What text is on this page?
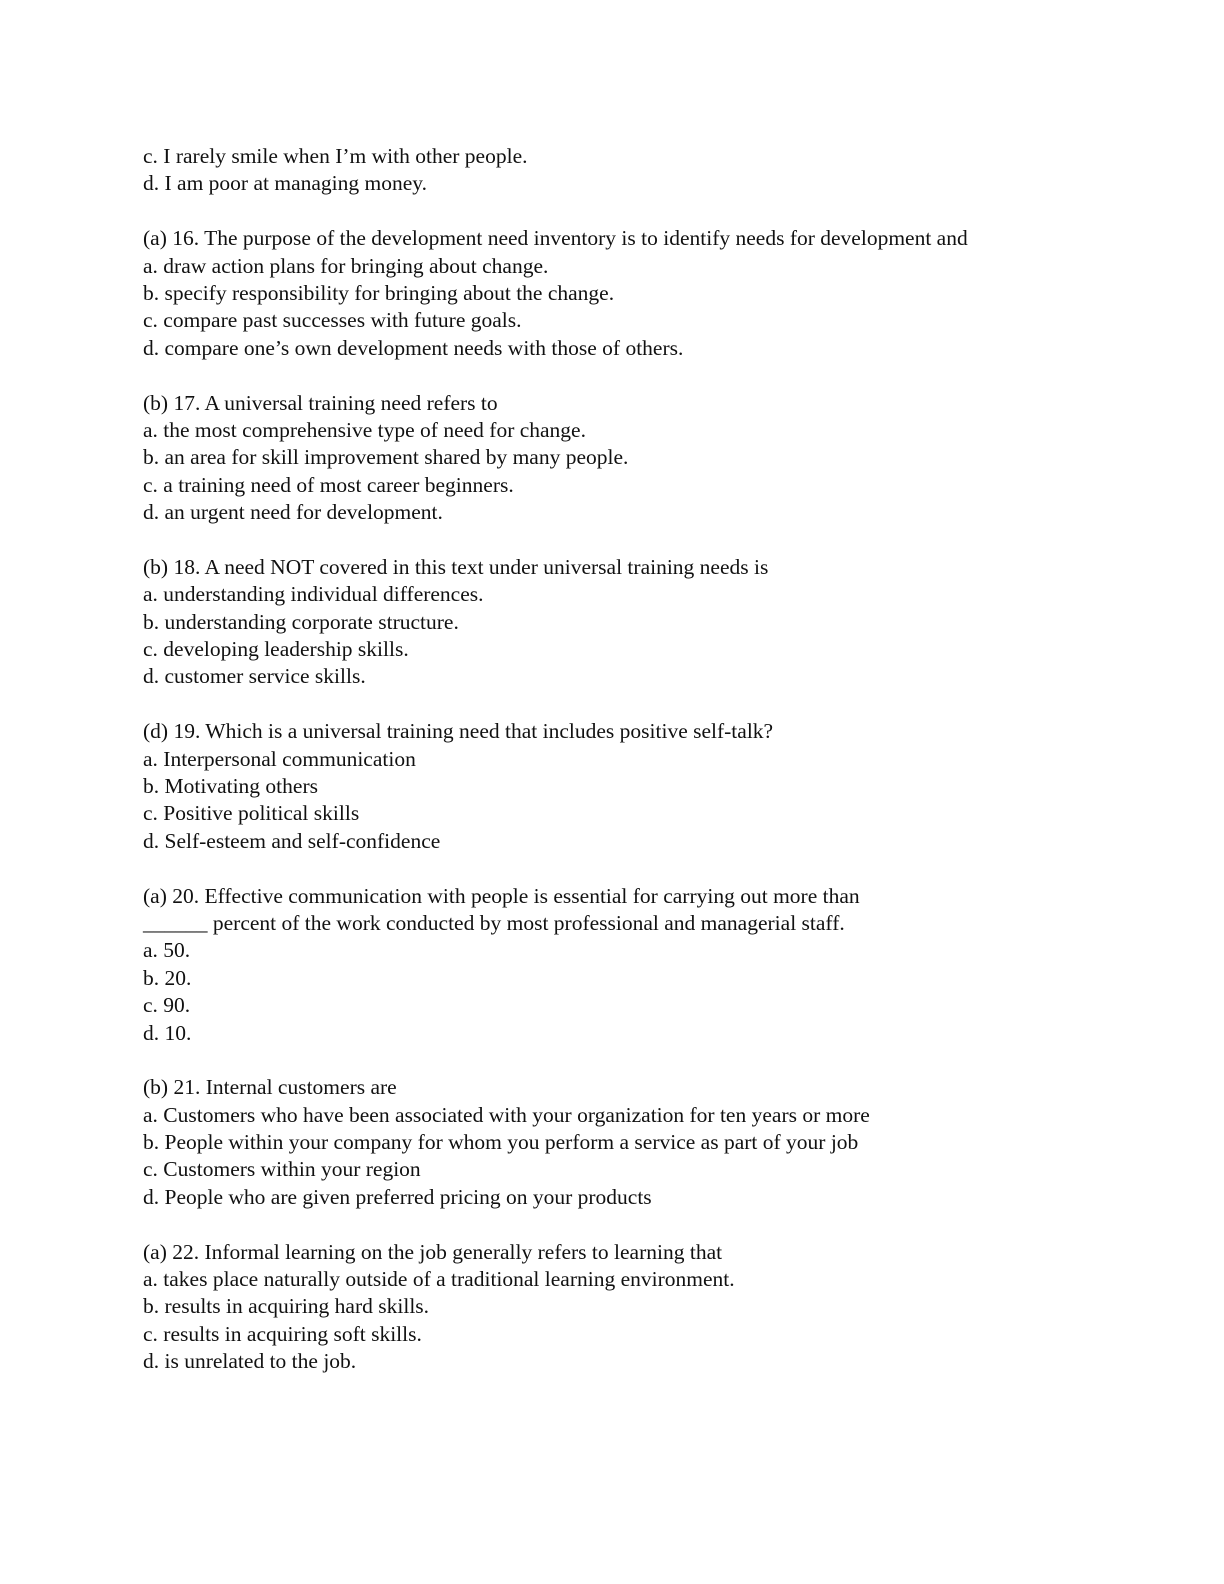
c. I rarely smile when I’m with other people.
d. I am poor at managing money.
(a) 16. The purpose of the development need inventory is to identify needs for development and
a. draw action plans for bringing about change.
b. specify responsibility for bringing about the change.
c. compare past successes with future goals.
d. compare one’s own development needs with those of others.
(b) 17. A universal training need refers to
a. the most comprehensive type of need for change.
b. an area for skill improvement shared by many people.
c. a training need of most career beginners.
d. an urgent need for development.
(b) 18. A need NOT covered in this text under universal training needs is
a. understanding individual differences.
b. understanding corporate structure.
c. developing leadership skills.
d. customer service skills.
(d) 19. Which is a universal training need that includes positive self-talk?
a. Interpersonal communication
b. Motivating others
c. Positive political skills
d. Self-esteem and self-confidence
(a) 20. Effective communication with people is essential for carrying out more than
______ percent of the work conducted by most professional and managerial staff.
a. 50.
b. 20.
c. 90.
d. 10.
(b) 21. Internal customers are
a. Customers who have been associated with your organization for ten years or more
b. People within your company for whom you perform a service as part of your job
c. Customers within your region
d. People who are given preferred pricing on your products
(a) 22. Informal learning on the job generally refers to learning that
a. takes place naturally outside of a traditional learning environment.
b. results in acquiring hard skills.
c. results in acquiring soft skills.
d. is unrelated to the job.
